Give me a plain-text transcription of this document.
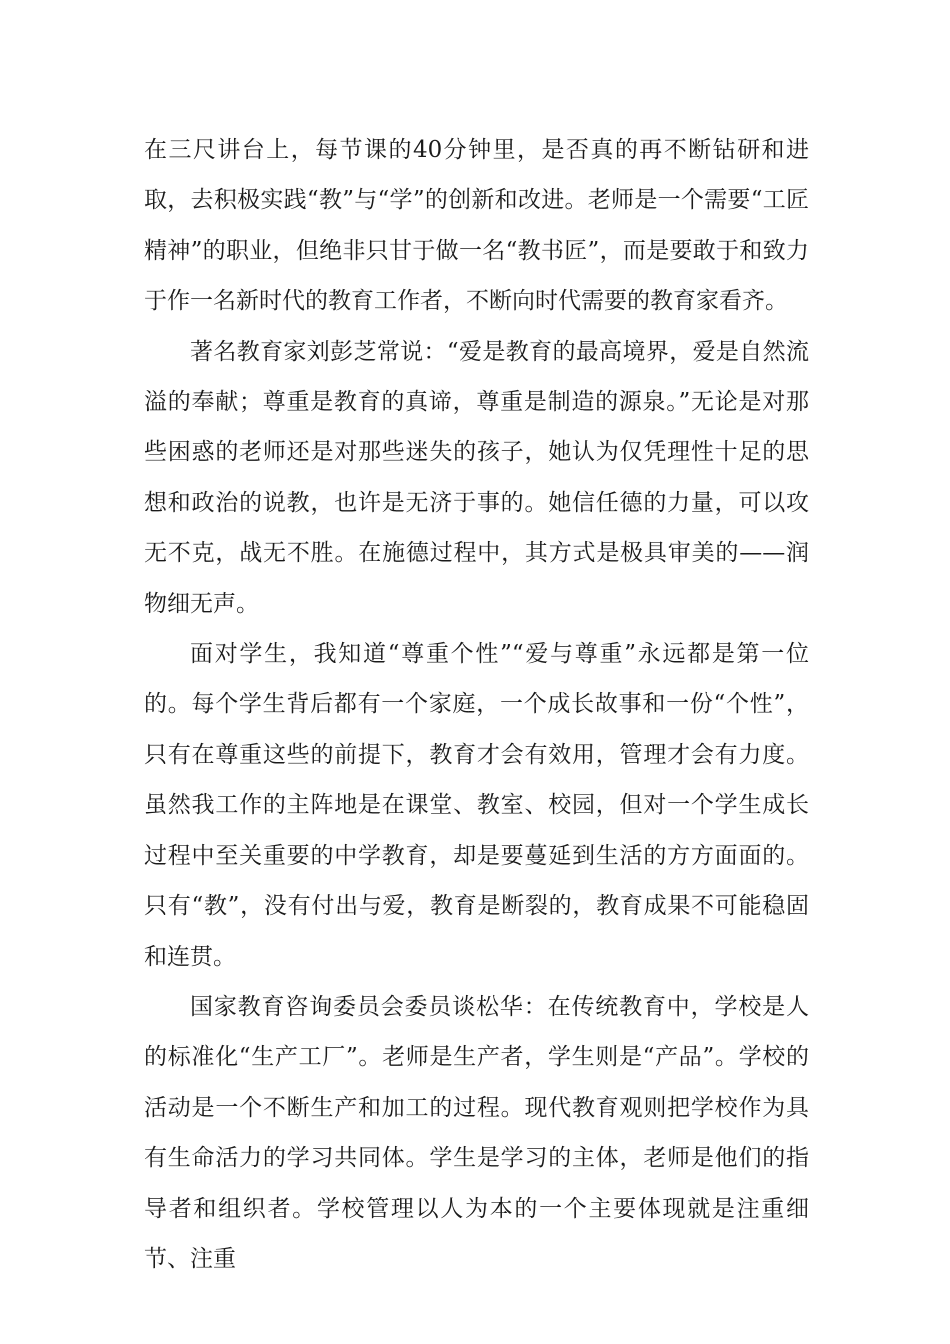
在三尺讲台上，每节课的40分钟里，是否真的再不断钻研和进取，去积极实践“教”与“学”的创新和改进。老师是一个需要“工匠精神”的职业，但绝非只甘于做一名“教书匠”，而是要敢于和致力于作一名新时代的教育工作者，不断向时代需要的教育家看齐。

著名教育家刘彭芝常说：“爱是教育的最高境界，爱是自然流溢的奉献；尊重是教育的真谛，尊重是制造的源泉。”无论是对那些困惑的老师还是对那些迷失的孩子，她认为仅凭理性十足的思想和政治的说教，也许是无济于事的。她信任德的力量，可以攻无不克，战无不胜。在施德过程中，其方式是极具审美的——润物细无声。

面对学生，我知道“尊重个性”“爱与尊重”永远都是第一位的。每个学生背后都有一个家庭，一个成长故事和一份“个性”，只有在尊重这些的前提下，教育才会有效用，管理才会有力度。虽然我工作的主阵地是在课堂、教室、校园，但对一个学生成长过程中至关重要的中学教育，却是要蔓延到生活的方方面面的。只有“教”，没有付出与爱，教育是断裂的，教育成果不可能稳固和连贯。

国家教育咨询委员会委员谈松华：在传统教育中，学校是人的标准化“生产工厂”。老师是生产者，学生则是“产品”。学校的活动是一个不断生产和加工的过程。现代教育观则把学校作为具有生命活力的学习共同体。学生是学习的主体，老师是他们的指导者和组织者。学校管理以人为本的一个主要体现就是注重细节、注重
